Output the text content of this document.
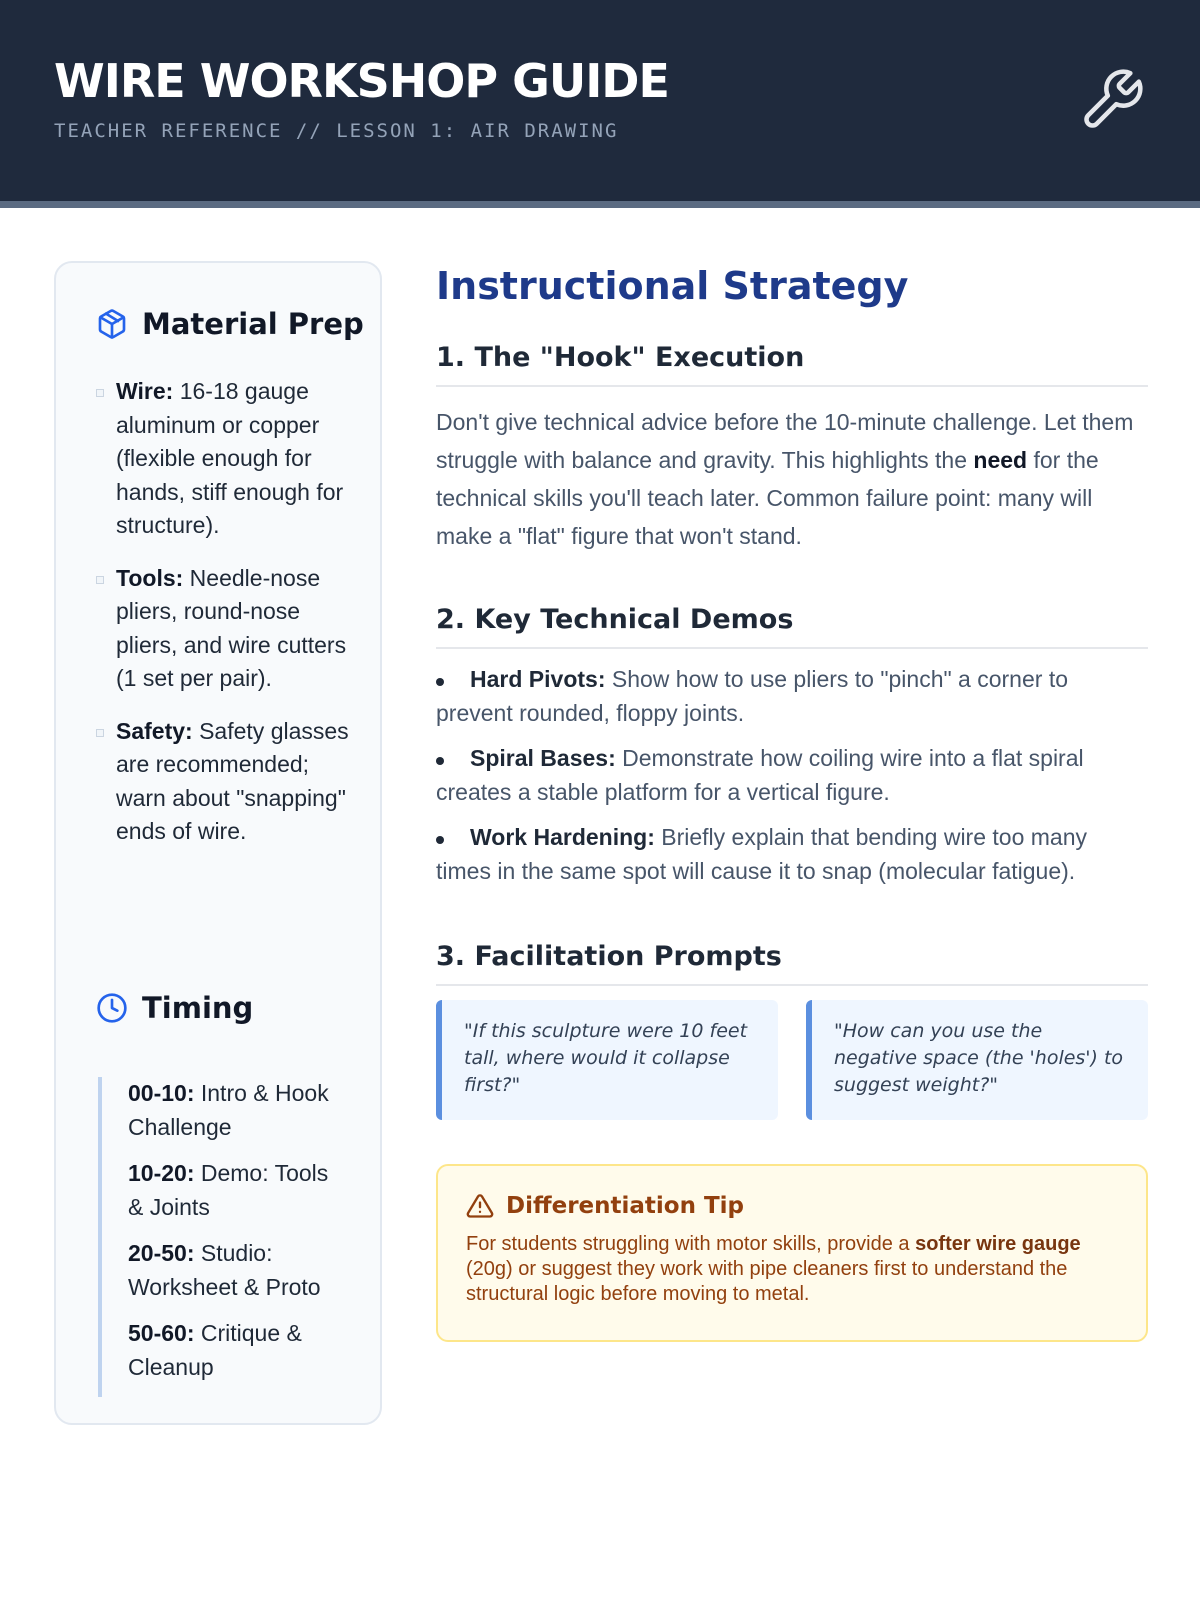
WIRE WORKSHOP GUIDE
TEACHER REFERENCE // LESSON 1: AIR DRAWING
Material Prep
Wire: 16-18 gauge aluminum or copper (flexible enough for hands, stiff enough for structure).
Tools: Needle-nose pliers, round-nose pliers, and wire cutters (1 set per pair).
Safety: Safety glasses are recommended; warn about "snapping" ends of wire.
Timing
00-10: Intro & Hook Challenge
10-20: Demo: Tools & Joints
20-50: Studio: Worksheet & Proto
50-60: Critique & Cleanup
Instructional Strategy
1. The "Hook" Execution

Don't give technical advice before the 10-minute challenge. Let them struggle with balance and gravity. This highlights the need for the technical skills you'll teach later. Common failure point: many will make a "flat" figure that won't stand.

2. Key Technical Demos
Hard Pivots: Show how to use pliers to "pinch" a corner to prevent rounded, floppy joints.
Spiral Bases: Demonstrate how coiling wire into a flat spiral creates a stable platform for a vertical figure.
Work Hardening: Briefly explain that bending wire too many times in the same spot will cause it to snap (molecular fatigue).
3. Facilitation Prompts
"If this sculpture were 10 feet tall, where would it collapse first?"
"How can you use the negative space (the 'holes') to suggest weight?"
Differentiation Tip

For students struggling with motor skills, provide a softer wire gauge (20g) or suggest they work with pipe cleaners first to understand the structural logic before moving to metal.
